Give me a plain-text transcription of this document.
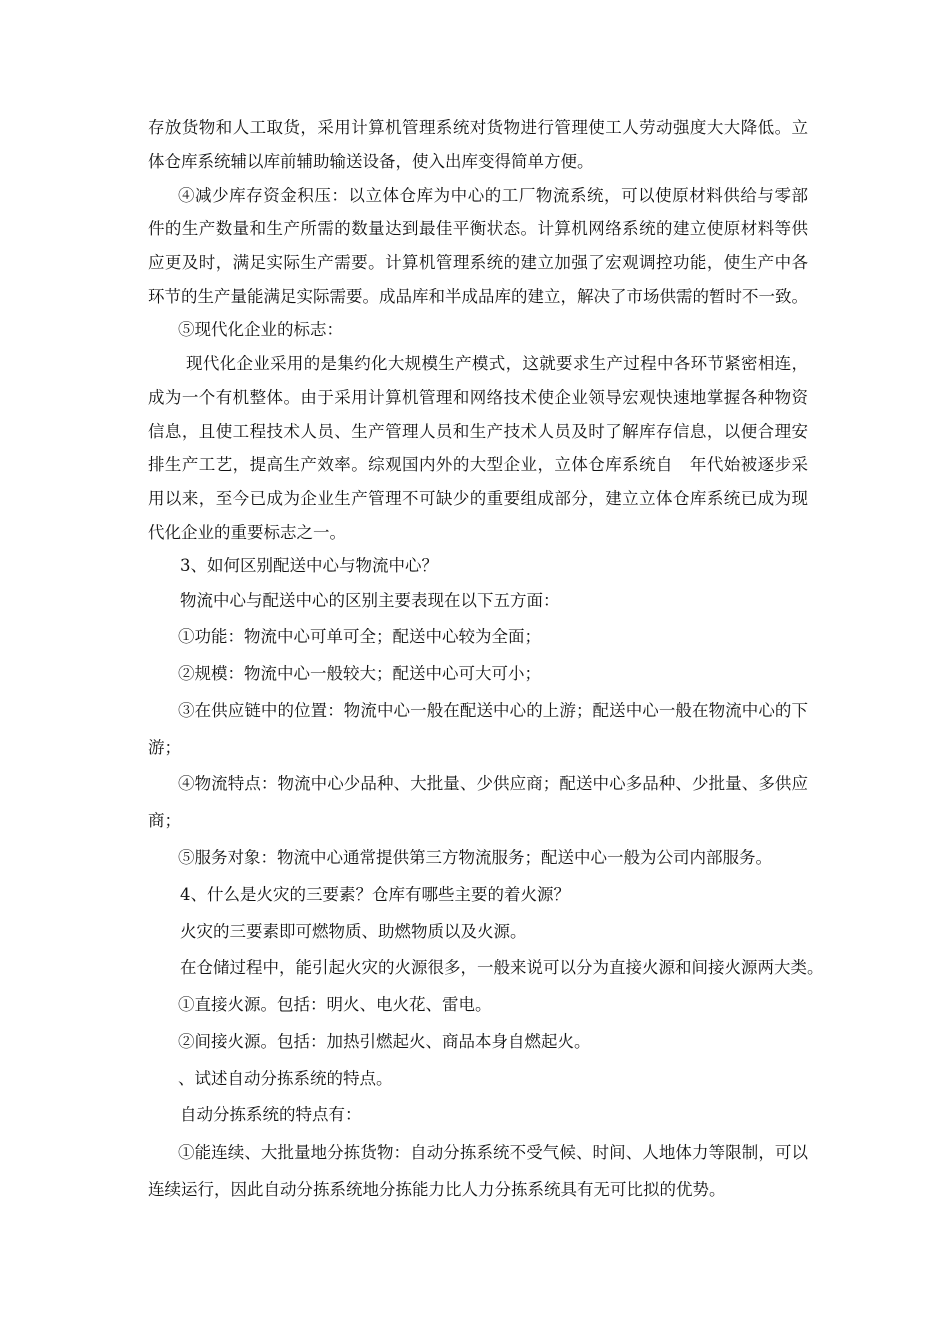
存放货物和人工取货，采用计算机管理系统对货物进行管理使工人劳动强度大大降低。立
体仓库系统辅以库前辅助输送设备，使入出库变得简单方便。
④减少库存资金积压：以立体仓库为中心的工厂物流系统，可以使原材料供给与零部
件的生产数量和生产所需的数量达到最佳平衡状态。计算机网络系统的建立使原材料等供
应更及时，满足实际生产需要。计算机管理系统的建立加强了宏观调控功能，使生产中各
环节的生产量能满足实际需要。成品库和半成品库的建立，解决了市场供需的暂时不一致。
⑤现代化企业的标志：
现代化企业采用的是集约化大规模生产模式，这就要求生产过程中各环节紧密相连，
成为一个有机整体。由于采用计算机管理和网络技术使企业领导宏观快速地掌握各种物资
信息，且使工程技术人员、生产管理人员和生产技术人员及时了解库存信息，以便合理安
排生产工艺，提高生产效率。综观国内外的大型企业，立体仓库系统自　年代始被逐步采
用以来，至今已成为企业生产管理不可缺少的重要组成部分，建立立体仓库系统已成为现
代化企业的重要标志之一。
3、如何区别配送中心与物流中心？
物流中心与配送中心的区别主要表现在以下五方面：
①功能：物流中心可单可全；配送中心较为全面；
②规模：物流中心一般较大；配送中心可大可小；
③在供应链中的位置：物流中心一般在配送中心的上游；配送中心一般在物流中心的下
游；
④物流特点：物流中心少品种、大批量、少供应商；配送中心多品种、少批量、多供应
商；
⑤服务对象：物流中心通常提供第三方物流服务；配送中心一般为公司内部服务。
4、什么是火灾的三要素？仓库有哪些主要的着火源？
火灾的三要素即可燃物质、助燃物质以及火源。
在仓储过程中，能引起火灾的火源很多，一般来说可以分为直接火源和间接火源两大类。
①直接火源。包括：明火、电火花、雷电。
②间接火源。包括：加热引燃起火、商品本身自燃起火。
、试述自动分拣系统的特点。
自动分拣系统的特点有：
①能连续、大批量地分拣货物：自动分拣系统不受气候、时间、人地体力等限制，可以
连续运行，因此自动分拣系统地分拣能力比人力分拣系统具有无可比拟的优势。
